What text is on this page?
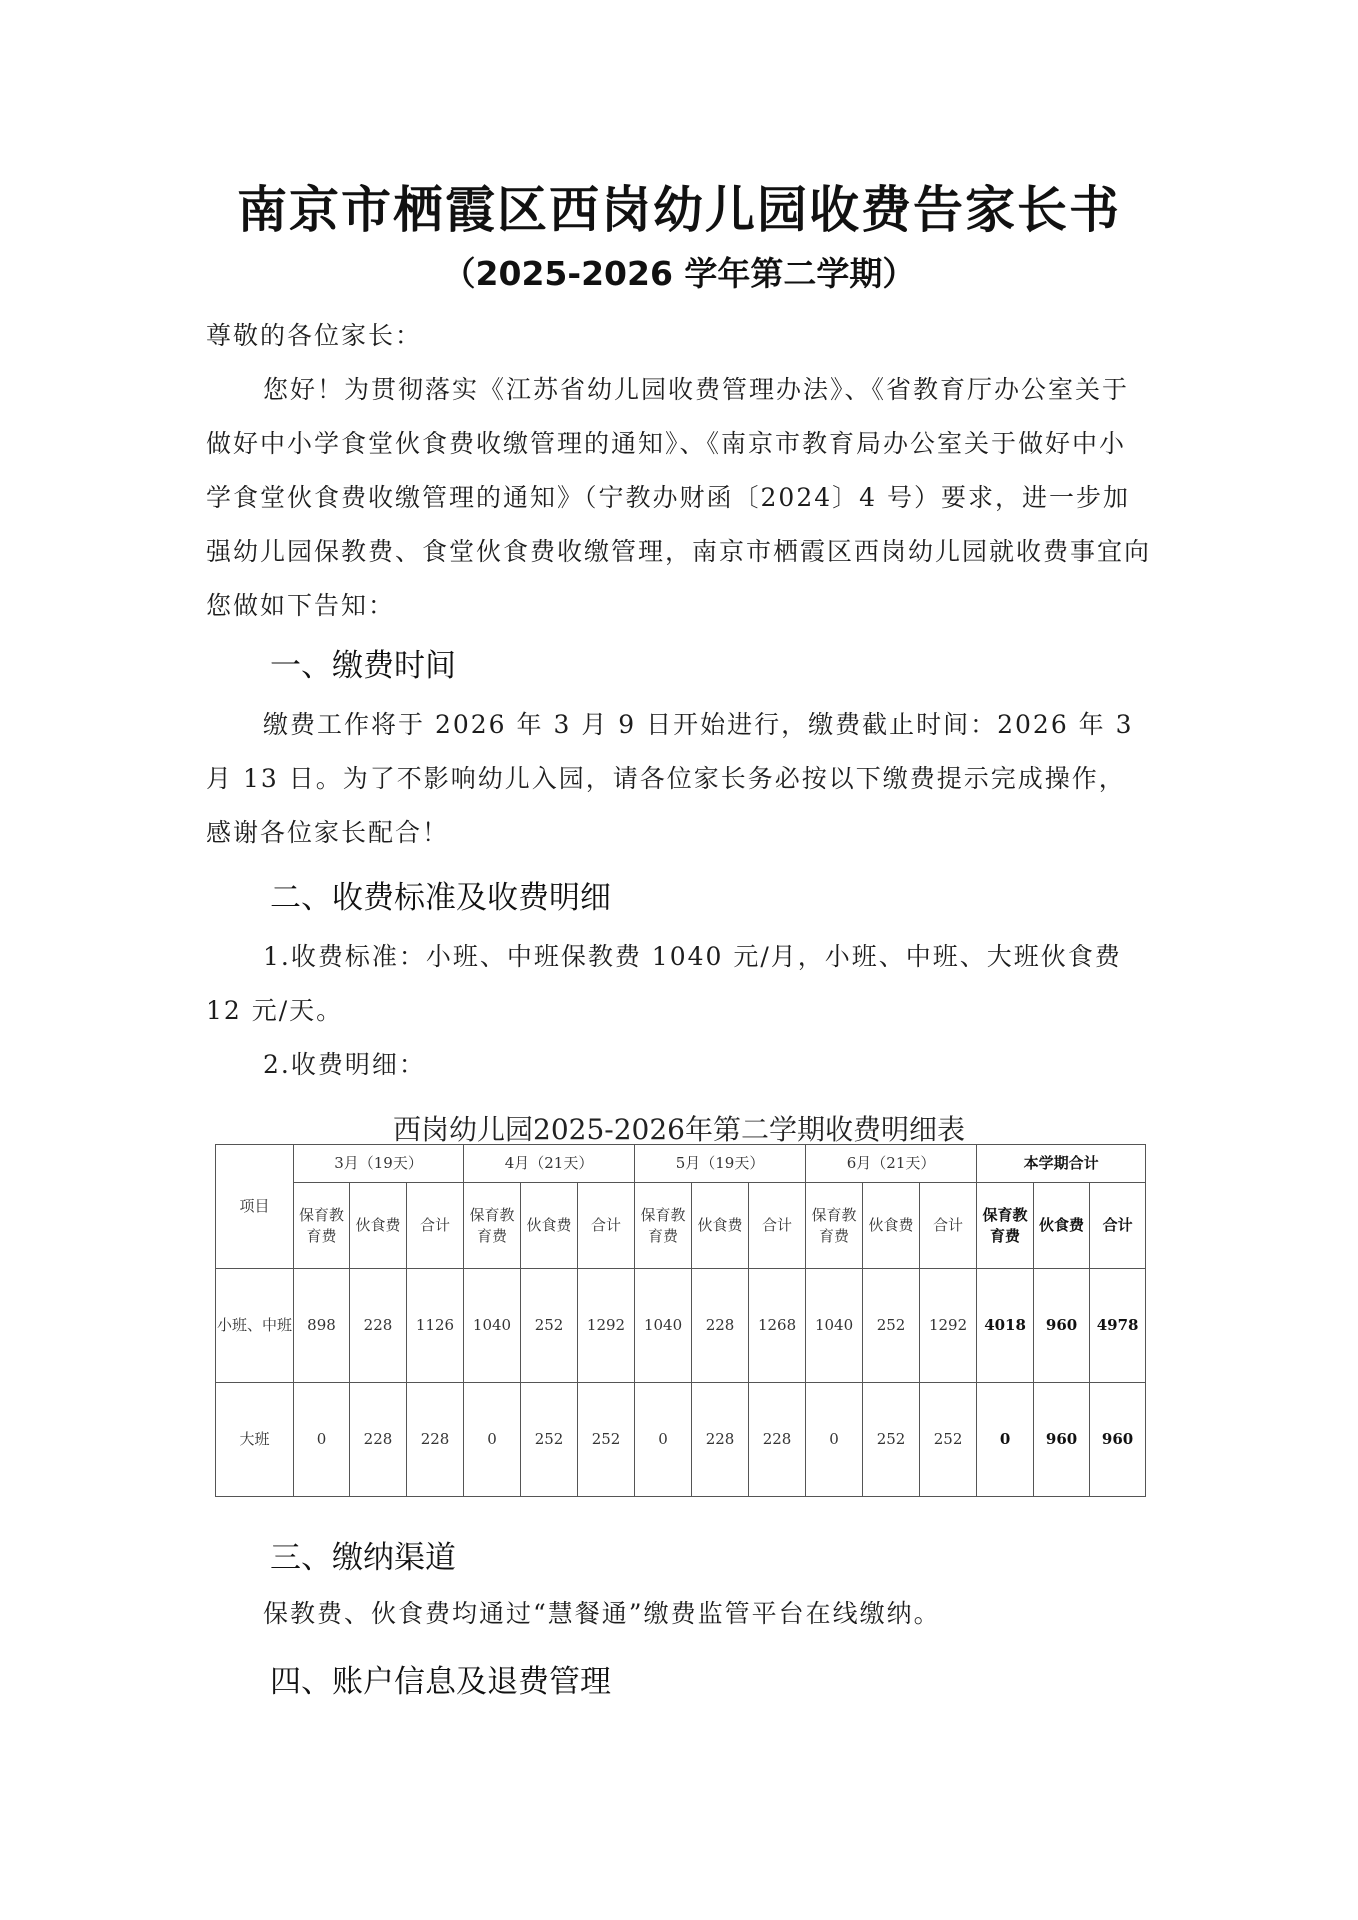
南京市栖霞区西岗幼儿园收费告家长书
（2025-2026 学年第二学期）
尊敬的各位家长：
您好！为贯彻落实《江苏省幼儿园收费管理办法》、《省教育厅办公室关于做好中小学食堂伙食费收缴管理的通知》、《南京市教育局办公室关于做好中小学食堂伙食费收缴管理的通知》（宁教办财函〔2024〕4 号）要求，进一步加强幼儿园保教费、食堂伙食费收缴管理，南京市栖霞区西岗幼儿园就收费事宜向您做如下告知：
一、缴费时间
缴费工作将于 2026 年 3 月 9 日开始进行，缴费截止时间：2026 年 3 月 13 日。为了不影响幼儿入园，请各位家长务必按以下缴费提示完成操作，感谢各位家长配合！
二、收费标准及收费明细
1.收费标准：小班、中班保教费 1040 元/月，小班、中班、大班伙食费 12 元/天。
2.收费明细：
西岗幼儿园2025-2026年第二学期收费明细表
项目	3月（19天）			4月（21天）			5月（19天）			6月（21天）			本学期合计		
	保育教育费	伙食费	合计	保育教育费	伙食费	合计	保育教育费	伙食费	合计	保育教育费	伙食费	合计	保育教育费	伙食费	合计
小班、中班	898	228	1126	1040	252	1292	1040	228	1268	1040	252	1292	4018	960	4978
大班	0	228	228	0	252	252	0	228	228	0	252	252	0	960	960
三、缴纳渠道
保教费、伙食费均通过“慧餐通”缴费监管平台在线缴纳。
四、账户信息及退费管理
